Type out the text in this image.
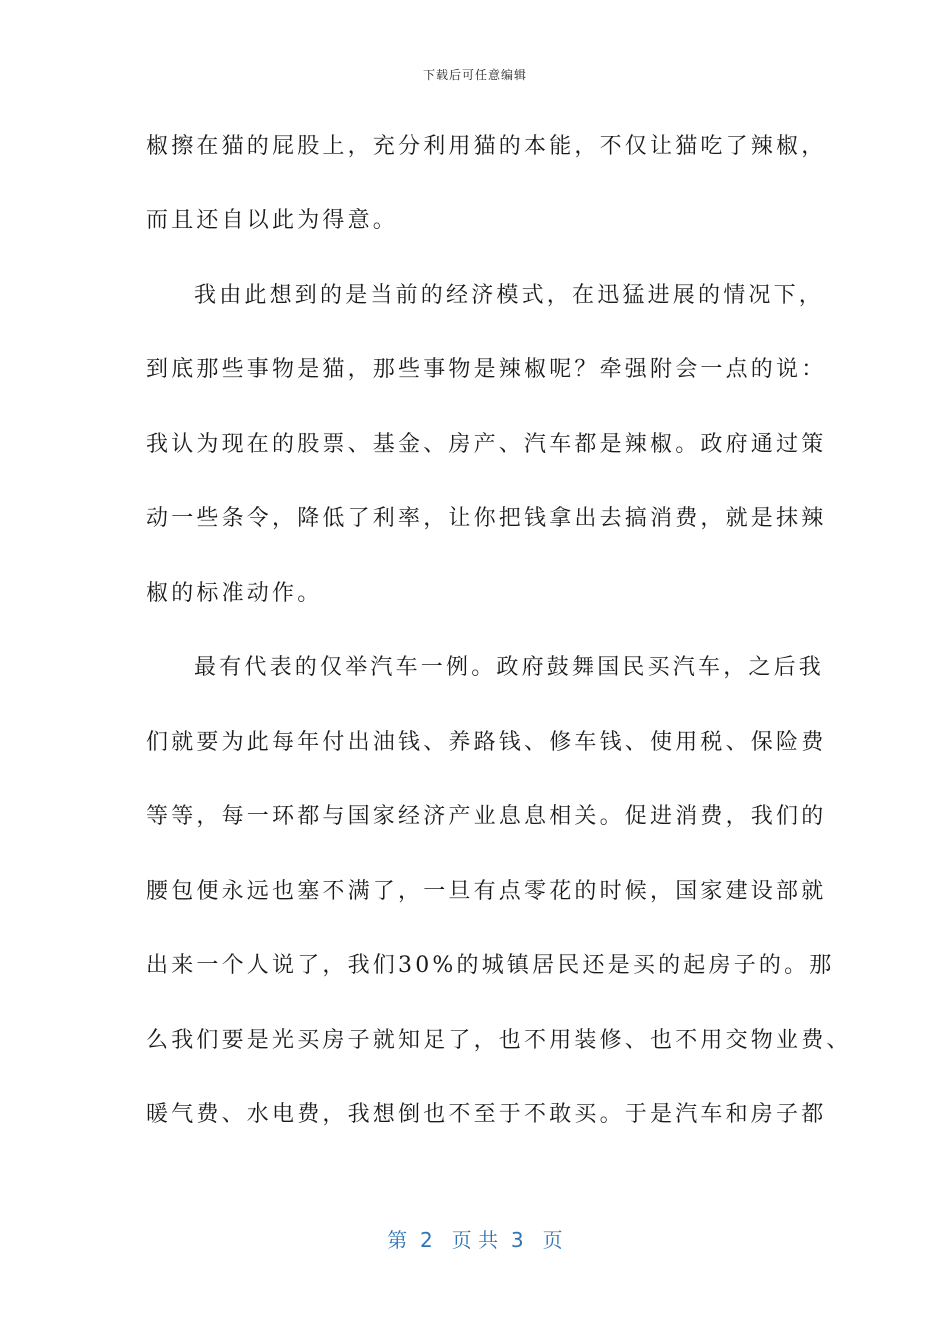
下载后可任意编辑
椒擦在猫的屁股上，充分利用猫的本能，不仅让猫吃了辣椒，
而且还自以此为得意。
我由此想到的是当前的经济模式，在迅猛进展的情况下，
到底那些事物是猫，那些事物是辣椒呢？牵强附会一点的说：
我认为现在的股票、基金、房产、汽车都是辣椒。政府通过策
动一些条令，降低了利率，让你把钱拿出去搞消费，就是抹辣
椒的标准动作。
最有代表的仅举汽车一例。政府鼓舞国民买汽车，之后我
们就要为此每年付出油钱、养路钱、修车钱、使用税、保险费
等等，每一环都与国家经济产业息息相关。促进消费，我们的
腰包便永远也塞不满了，一旦有点零花的时候，国家建设部就
出来一个人说了，我们30%的城镇居民还是买的起房子的。那
么我们要是光买房子就知足了，也不用装修、也不用交物业费、
暖气费、水电费，我想倒也不至于不敢买。于是汽车和房子都
第  2   页 共  3   页
